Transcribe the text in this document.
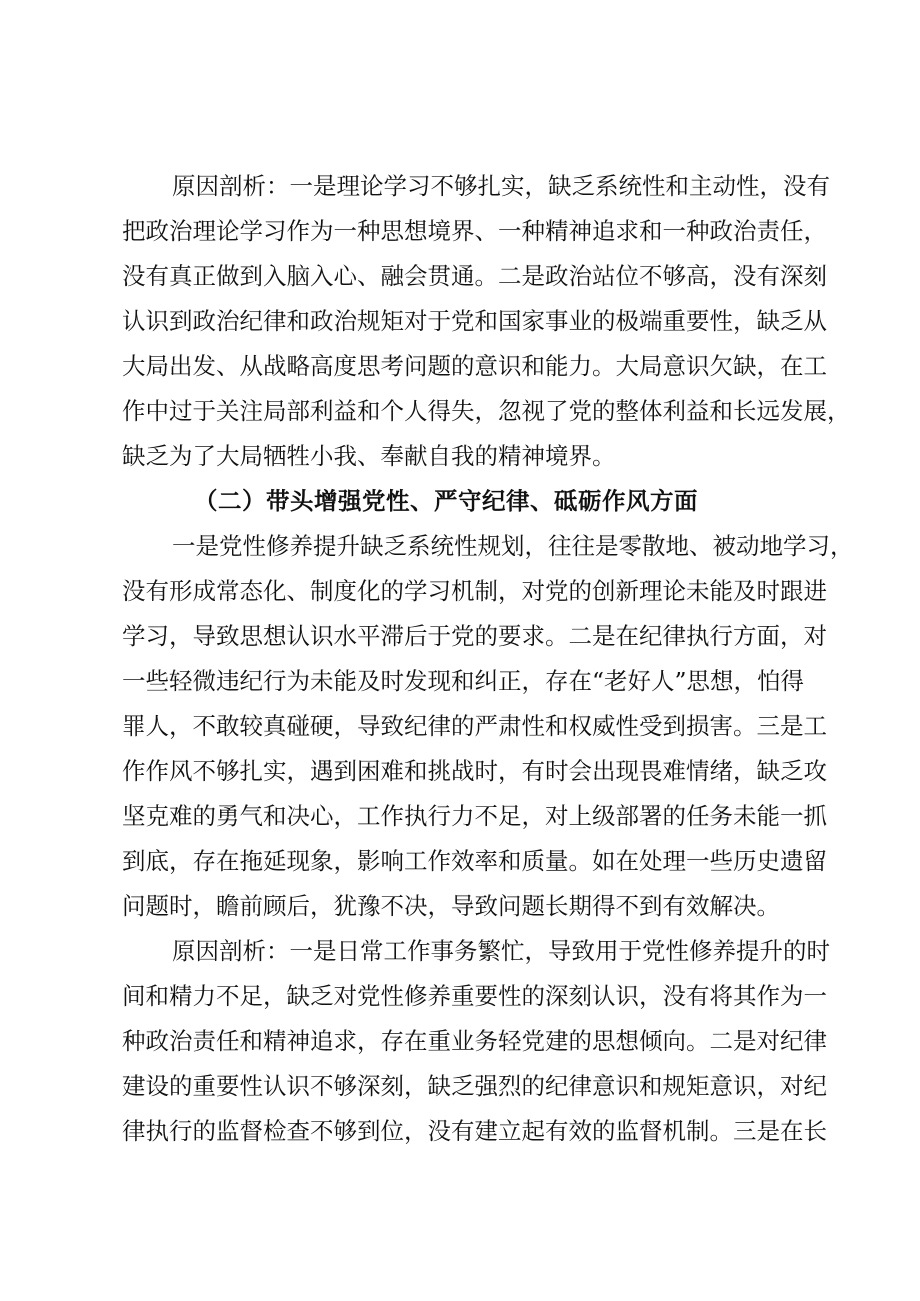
原因剖析：一是理论学习不够扎实，缺乏系统性和主动性，没有
把政治理论学习作为一种思想境界、一种精神追求和一种政治责任，
没有真正做到入脑入心、融会贯通。二是政治站位不够高，没有深刻
认识到政治纪律和政治规矩对于党和国家事业的极端重要性，缺乏从
大局出发、从战略高度思考问题的意识和能力。大局意识欠缺，在工
作中过于关注局部利益和个人得失，忽视了党的整体利益和长远发展，
缺乏为了大局牺牲小我、奉献自我的精神境界。
（二）带头增强党性、严守纪律、砥砺作风方面
一是党性修养提升缺乏系统性规划，往往是零散地、被动地学习，
没有形成常态化、制度化的学习机制，对党的创新理论未能及时跟进
学习，导致思想认识水平滞后于党的要求。二是在纪律执行方面，对
一些轻微违纪行为未能及时发现和纠正，存在“老好人”思想，怕得
罪人，不敢较真碰硬，导致纪律的严肃性和权威性受到损害。三是工
作作风不够扎实，遇到困难和挑战时，有时会出现畏难情绪，缺乏攻
坚克难的勇气和决心，工作执行力不足，对上级部署的任务未能一抓
到底，存在拖延现象，影响工作效率和质量。如在处理一些历史遗留
问题时，瞻前顾后，犹豫不决，导致问题长期得不到有效解决。
原因剖析：一是日常工作事务繁忙，导致用于党性修养提升的时
间和精力不足，缺乏对党性修养重要性的深刻认识，没有将其作为一
种政治责任和精神追求，存在重业务轻党建的思想倾向。二是对纪律
建设的重要性认识不够深刻，缺乏强烈的纪律意识和规矩意识，对纪
律执行的监督检查不够到位，没有建立起有效的监督机制。三是在长
